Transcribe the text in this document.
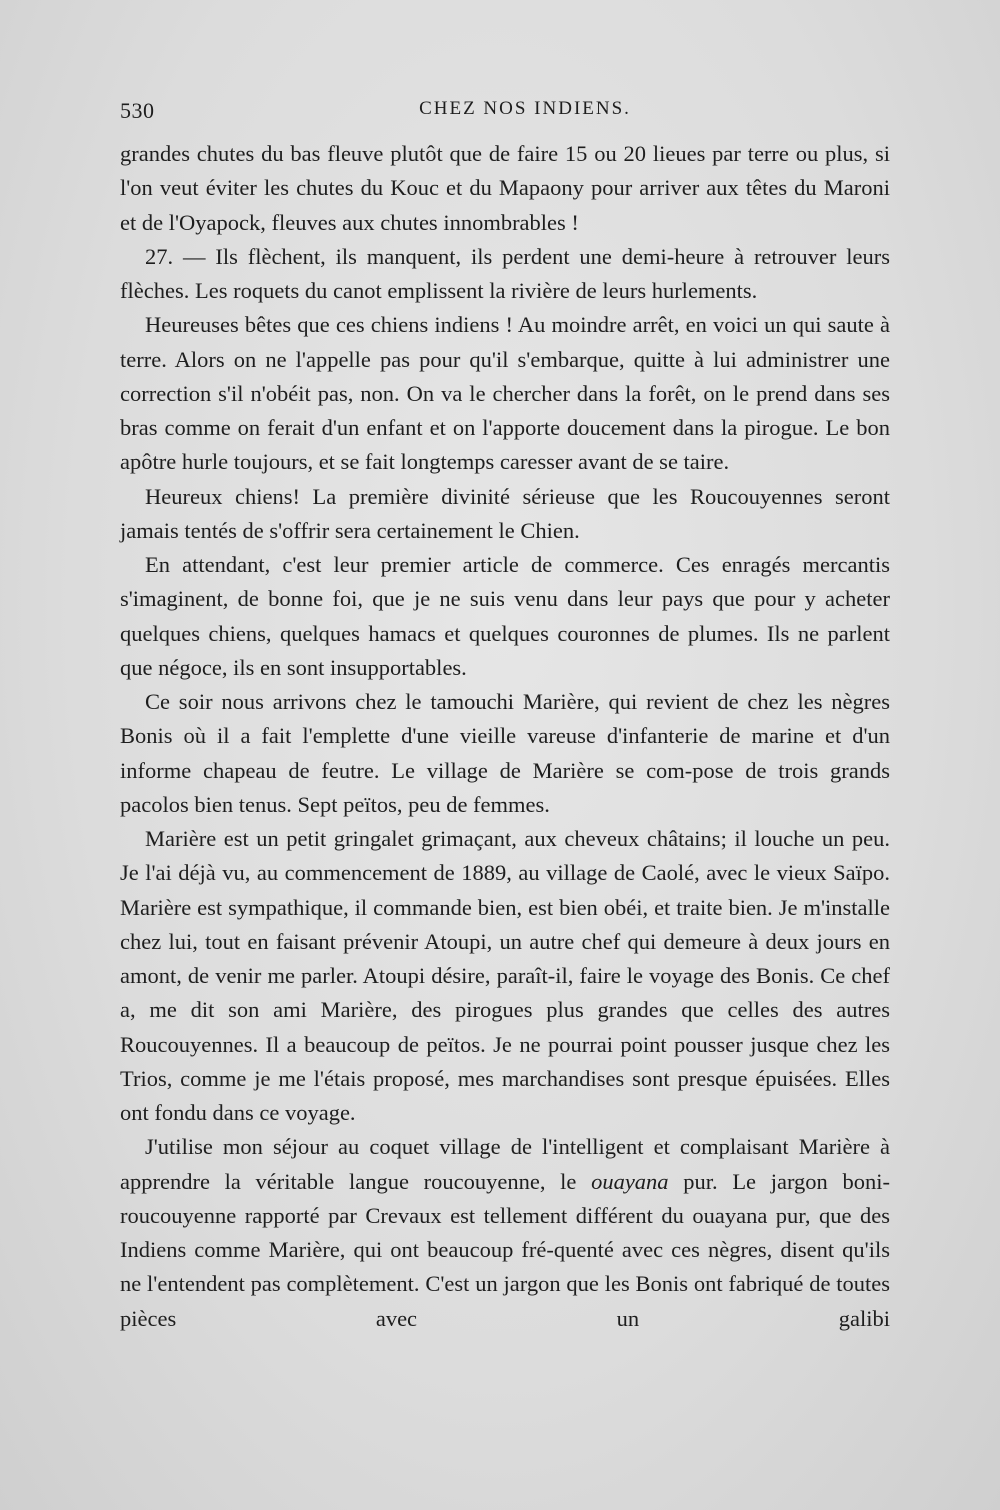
530	CHEZ NOS INDIENS.

grandes chutes du bas fleuve plutôt que de faire 15 ou 20 lieues par terre ou plus, si l'on veut éviter les chutes du Kouc et du Mapaony pour arriver aux têtes du Maroni et de l'Oyapock, fleuves aux chutes innombrables !

27. — Ils flèchent, ils manquent, ils perdent une demi-heure à retrouver leurs flèches. Les roquets du canot emplissent la rivière de leurs hurlements.

Heureuses bêtes que ces chiens indiens ! Au moindre arrêt, en voici un qui saute à terre. Alors on ne l'appelle pas pour qu'il s'embarque, quitte à lui administrer une correction s'il n'obéit pas, non. On va le chercher dans la forêt, on le prend dans ses bras comme on ferait d'un enfant et on l'apporte doucement dans la pirogue. Le bon apôtre hurle toujours, et se fait longtemps caresser avant de se taire.

Heureux chiens! La première divinité sérieuse que les Roucouyennes seront jamais tentés de s'offrir sera certainement le Chien.

En attendant, c'est leur premier article de commerce. Ces enragés mercantis s'imaginent, de bonne foi, que je ne suis venu dans leur pays que pour y acheter quelques chiens, quelques hamacs et quelques couronnes de plumes. Ils ne parlent que négoce, ils en sont insupportables.

Ce soir nous arrivons chez le tamouchi Marière, qui revient de chez les nègres Bonis où il a fait l'emplette d'une vieille vareuse d'infanterie de marine et d'un informe chapeau de feutre. Le village de Marière se com-pose de trois grands pacolos bien tenus. Sept peïtos, peu de femmes.

Marière est un petit gringalet grimaçant, aux cheveux châtains; il louche un peu. Je l'ai déjà vu, au commencement de 1889, au village de Caolé, avec le vieux Saïpo. Marière est sympathique, il commande bien, est bien obéi, et traite bien. Je m'installe chez lui, tout en faisant prévenir Atoupi, un autre chef qui demeure à deux jours en amont, de venir me parler. Atoupi désire, paraît-il, faire le voyage des Bonis. Ce chef a, me dit son ami Marière, des pirogues plus grandes que celles des autres Roucouyennes. Il a beaucoup de peïtos. Je ne pourrai point pousser jusque chez les Trios, comme je me l'étais proposé, mes marchandises sont presque épuisées. Elles ont fondu dans ce voyage.

J'utilise mon séjour au coquet village de l'intelligent et complaisant Marière à apprendre la véritable langue roucouyenne, le ouayana pur. Le jargon boni-roucouyenne rapporté par Crevaux est tellement différent du ouayana pur, que des Indiens comme Marière, qui ont beaucoup fré-quenté avec ces nègres, disent qu'ils ne l'entendent pas complètement. C'est un jargon que les Bonis ont fabriqué de toutes pièces avec un galibi
